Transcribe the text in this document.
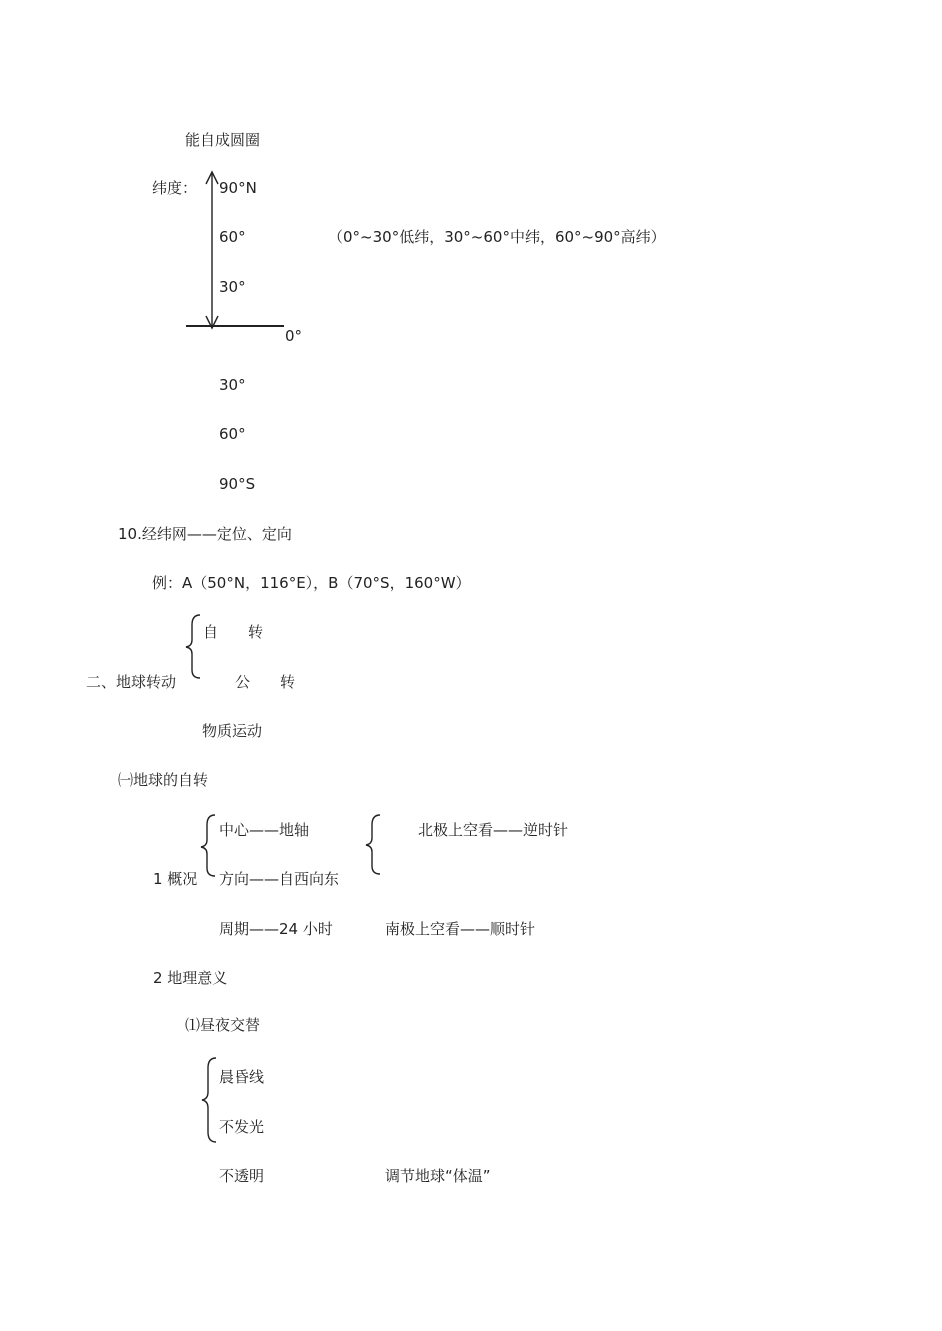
能自成圆圈
纬度： 90°N
60°	（0°~30°低纬，30°~60°中纬，60°~90°高纬）
30°
0°
30°
60°
90°S
10.经纬网——定位、定向
例：A（50°N，116°E），B（70°S，160°W）
自　　转
二、地球转动	公　　转
物质运动
㈠地球的自转
中心——地轴	北极上空看——逆时针
1 概况 方向——自西向东
周期——24 小时	南极上空看——顺时针
2 地理意义
⑴昼夜交替
晨昏线
不发光
不透明	调节地球“体温”
